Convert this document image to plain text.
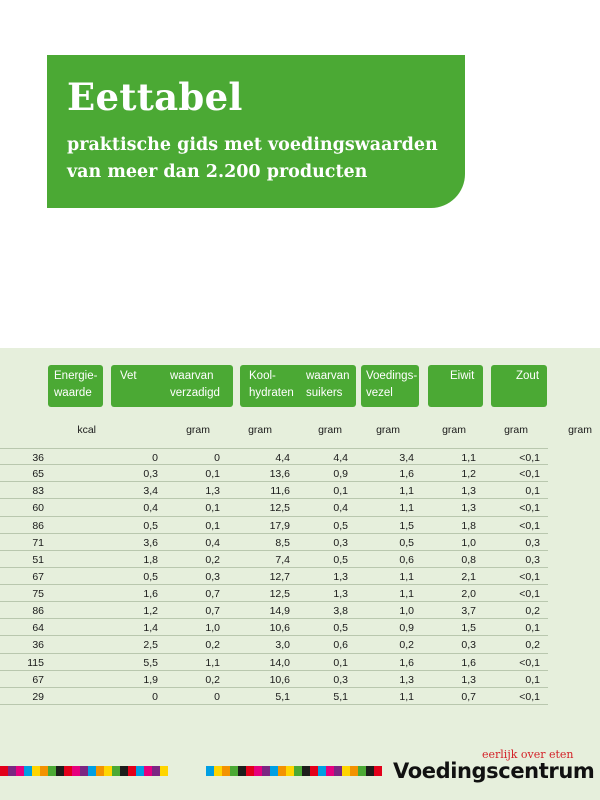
Eettabel

praktische gids met voedingswaarden
van meer dan 2.200 producten

Energie-
waarde
Vet	waarvan
verzadigd
Kool-
hydraten
waarvan
suikers
Voedings-
vezel
Eiwit	Zout
kcal	gram	gram	gram	gram	gram	gram	gram
36	0	0	4,4	4,4	3,4	1,1	<0,1
65	0,3	0,1	13,6	0,9	1,6	1,2	<0,1
83	3,4	1,3	11,6	0,1	1,1	1,3	0,1
60	0,4	0,1	12,5	0,4	1,1	1,3	<0,1
86	0,5	0,1	17,9	0,5	1,5	1,8	<0,1
71	3,6	0,4	8,5	0,3	0,5	1,0	0,3
51	1,8	0,2	7,4	0,5	0,6	0,8	0,3
67	0,5	0,3	12,7	1,3	1,1	2,1	<0,1
75	1,6	0,7	12,5	1,3	1,1	2,0	<0,1
86	1,2	0,7	14,9	3,8	1,0	3,7	0,2
64	1,4	1,0	10,6	0,5	0,9	1,5	0,1
36	2,5	0,2	3,0	0,6	0,2	0,3	0,2
115	5,5	1,1	14,0	0,1	1,6	1,6	<0,1
67	1,9	0,2	10,6	0,3	1,3	1,3	0,1
29	0	0	5,1	5,1	1,1	0,7	<0,1
eerlijk over eten
Voedingscentrum
